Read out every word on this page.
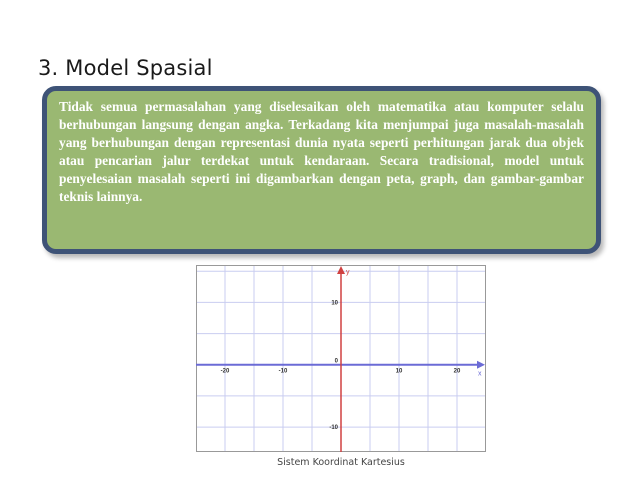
3. Model Spasial

Tidak semua permasalahan yang diselesaikan oleh matematika atau komputer selalu berhubungan langsung dengan angka. Terkadang kita menjumpai juga masalah-masalah yang berhubungan dengan representasi dunia nyata seperti perhitungan jarak dua objek atau pencarian jalur terdekat untuk kendaraan. Secara tradisional, model untuk penyelesaian masalah seperti ini digambarkan dengan peta, graph, dan gambar-gambar teknis lainnya.

x
y
-20	-10	10	20
10
-10
0
Sistem Koordinat Kartesius
